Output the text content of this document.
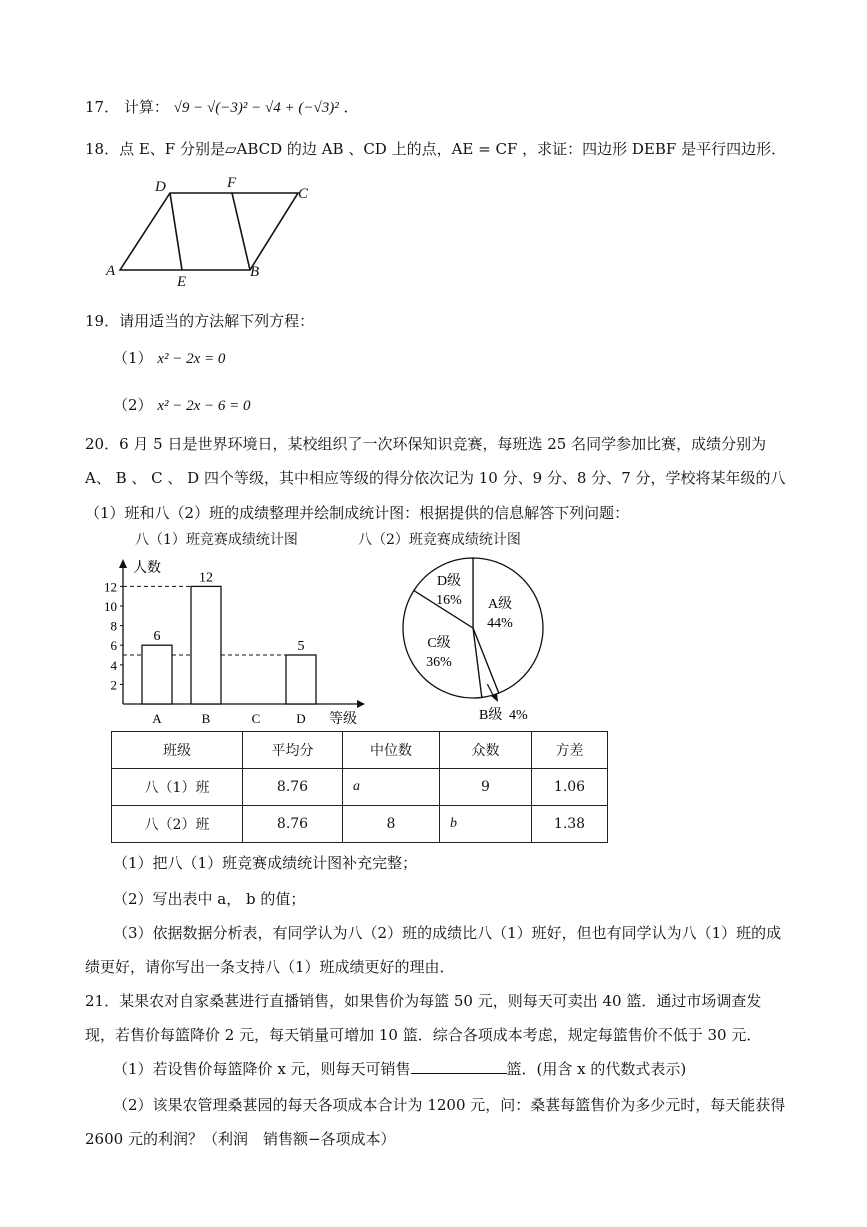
17． 计算： √9 − √(−3)² − √4 + (−√3)² ．
18．点 E、F 分别是▱ABCD 的边 AB 、CD 上的点，AE = CF ，求证：四边形 DEBF 是平行四边形．
A	B
C
D
E
F
19．请用适当的方法解下列方程：
（1） x² − 2x = 0
（2） x² − 2x − 6 = 0
20．6 月 5 日是世界环境日，某校组织了一次环保知识竞赛，每班选 25 名同学参加比赛，成绩分别为
A、 B 、 C 、 D 四个等级，其中相应等级的得分依次记为 10 分、9 分、8 分、7 分，学校将某年级的八
（1）班和八（2）班的成绩整理并绘制成统计图：根据提供的信息解答下列问题：
八（1）班竞赛成绩统计图	八（2）班竞赛成绩统计图
人数
等级
2
4
6
8
10
12
6
A
12
B	C
5
D
A级
44%
C级
36%
D级
16%
B级 4%
班级	平均分	中位数	众数	方差
八（1）班	8.76	a	9	1.06
八（2）班	8.76	8	b	1.38
（1）把八（1）班竞赛成绩统计图补充完整；
（2）写出表中 a， b 的值；
（3）依据数据分析表，有同学认为八（2）班的成绩比八（1）班好，但也有同学认为八（1）班的成
绩更好，请你写出一条支持八（1）班成绩更好的理由．
21．某果农对自家桑葚进行直播销售，如果售价为每篮 50 元，则每天可卖出 40 篮．通过市场调查发
现，若售价每篮降价 2 元，每天销量可增加 10 篮．综合各项成本考虑，规定每篮售价不低于 30 元．
（1）若设售价每篮降价 x 元，则每天可销售	篮．(用含 x 的代数式表示)
（2）该果农管理桑葚园的每天各项成本合计为 1200 元，问：桑葚每篮售价为多少元时，每天能获得
2600 元的利润？（利润　销售额−各项成本）
